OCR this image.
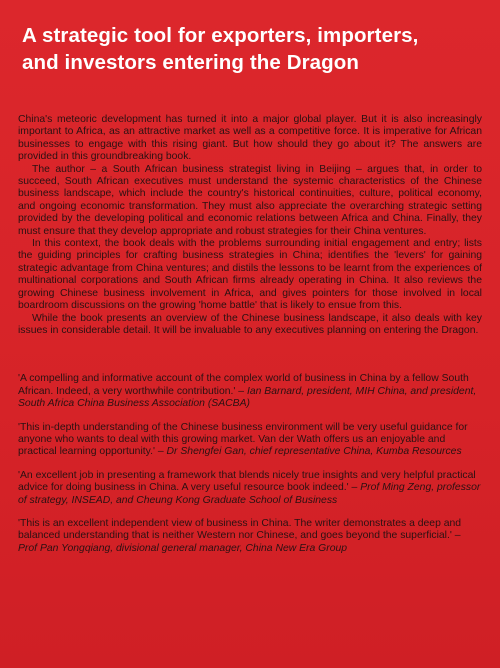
A strategic tool for exporters, importers,
and investors entering the Dragon

China's meteoric development has turned it into a major global player. But it is also increasingly important to Africa, as an attractive market as well as a competitive force. It is imperative for African businesses to engage with this rising giant. But how should they go about it? The answers are provided in this groundbreaking book.

The author – a South African business strategist living in Beijing – argues that, in order to succeed, South African executives must understand the systemic characteristics of the Chinese business landscape, which include the country's historical continuities, culture, political economy, and ongoing economic transformation. They must also appreciate the overarching strategic setting provided by the developing political and economic relations between Africa and China. Finally, they must ensure that they develop appropriate and robust strategies for their China ventures.

In this context, the book deals with the problems surrounding initial engagement and entry; lists the guiding principles for crafting business strategies in China; identifies the 'levers' for gaining strategic advantage from China ventures; and distils the lessons to be learnt from the experiences of multinational corporations and South African firms already operating in China. It also reviews the growing Chinese business involvement in Africa, and gives pointers for those involved in local boardroom discussions on the growing 'home battle' that is likely to ensue from this.

While the book presents an overview of the Chinese business landscape, it also deals with key issues in considerable detail. It will be invaluable to any executives planning on entering the Dragon.

'A compelling and informative account of the complex world of business in China by a fellow South African. Indeed, a very worthwhile contribution.' – Ian Barnard, president, MIH China, and president, South Africa China Business Association (SACBA)

'This in-depth understanding of the Chinese business environment will be very useful guidance for anyone who wants to deal with this growing market. Van der Wath offers us an enjoyable and practical learning opportunity.' – Dr Shengfei Gan, chief representative China, Kumba Resources

'An excellent job in presenting a framework that blends nicely true insights and very helpful practical advice for doing business in China. A very useful resource book indeed.' – Prof Ming Zeng, professor of strategy, INSEAD, and Cheung Kong Graduate School of Business

'This is an excellent independent view of business in China. The writer demonstrates a deep and balanced understanding that is neither Western nor Chinese, and goes beyond the superficial.' – Prof Pan Yongqiang, divisional general manager, China New Era Group
